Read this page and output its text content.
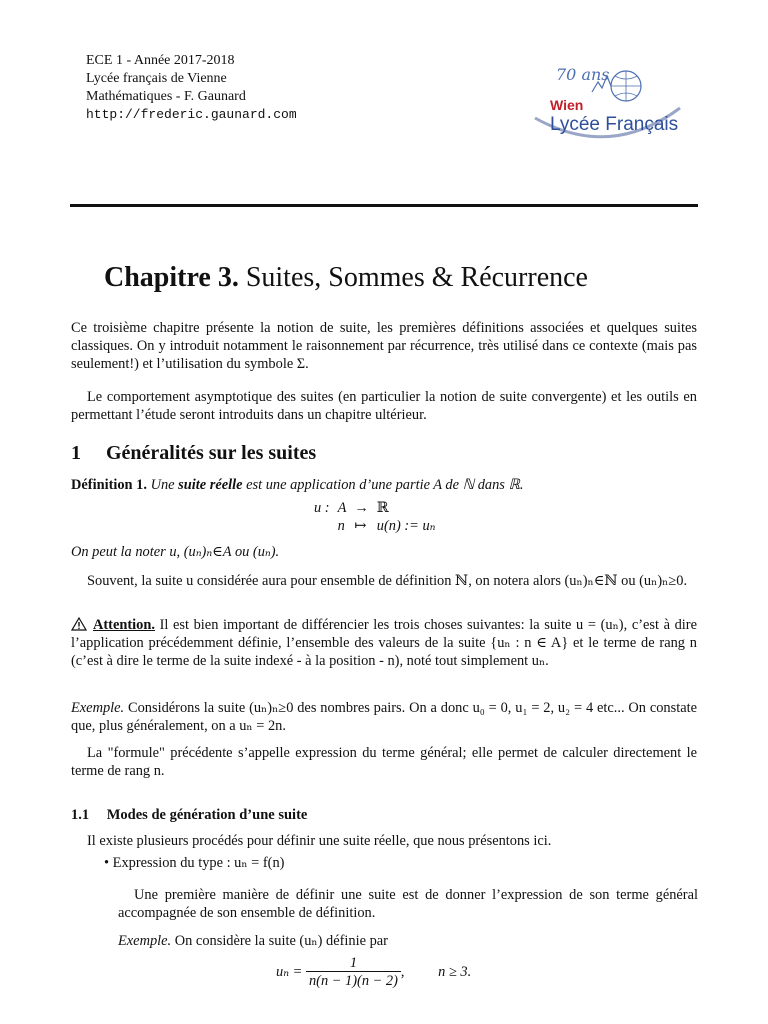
ECE 1 - Année 2017-2018
Lycée français de Vienne
Mathématiques - F. Gaunard
http://frederic.gaunard.com
70 ans
Wien
Lycée Français
Chapitre 3. Suites, Sommes & Récurrence
Ce troisième chapitre présente la notion de suite, les premières définitions associées et quelques suites classiques. On y introduit notamment le raisonnement par récurrence, très utilisé dans ce contexte (mais pas seulement!) et l’utilisation du symbole Σ.
Le comportement asymptotique des suites (en particulier la notion de suite convergente) et les outils en permettant l’étude seront introduits dans un chapitre ultérieur.
1 Généralités sur les suites
Définition 1. Une suite réelle est une application d’une partie A de ℕ dans ℝ.
u :	A	→	ℝ
	n	↦	u(n) := uₙ
On peut la noter u, (uₙ)ₙ∈A ou (uₙ).
Souvent, la suite u considérée aura pour ensemble de définition ℕ, on notera alors (uₙ)ₙ∈ℕ ou (uₙ)ₙ≥0.
Attention. Il est bien important de différencier les trois choses suivantes: la suite u = (uₙ), c’est à dire l’application précédemment définie, l’ensemble des valeurs de la suite {uₙ : n ∈ A} et le terme de rang n (c’est à dire le terme de la suite indexé - à la position - n), noté tout simplement uₙ.
Exemple. Considérons la suite (uₙ)ₙ≥0 des nombres pairs. On a donc u₀ = 0, u₁ = 2, u₂ = 4 etc... On constate que, plus généralement, on a uₙ = 2n.
La "formule" précédente s’appelle expression du terme général; elle permet de calculer directement le terme de rang n.
1.1 Modes de génération d’une suite
Il existe plusieurs procédés pour définir une suite réelle, que nous présentons ici.
• Expression du type : uₙ = f(n)
Une première manière de définir une suite est de donner l’expression de son terme général accompagnée de son ensemble de définition.
Exemple. On considère la suite (uₙ) définie par
$u_n = \frac{1}{n(n - 1)(n - 2)}$ , n ≥ 3.
